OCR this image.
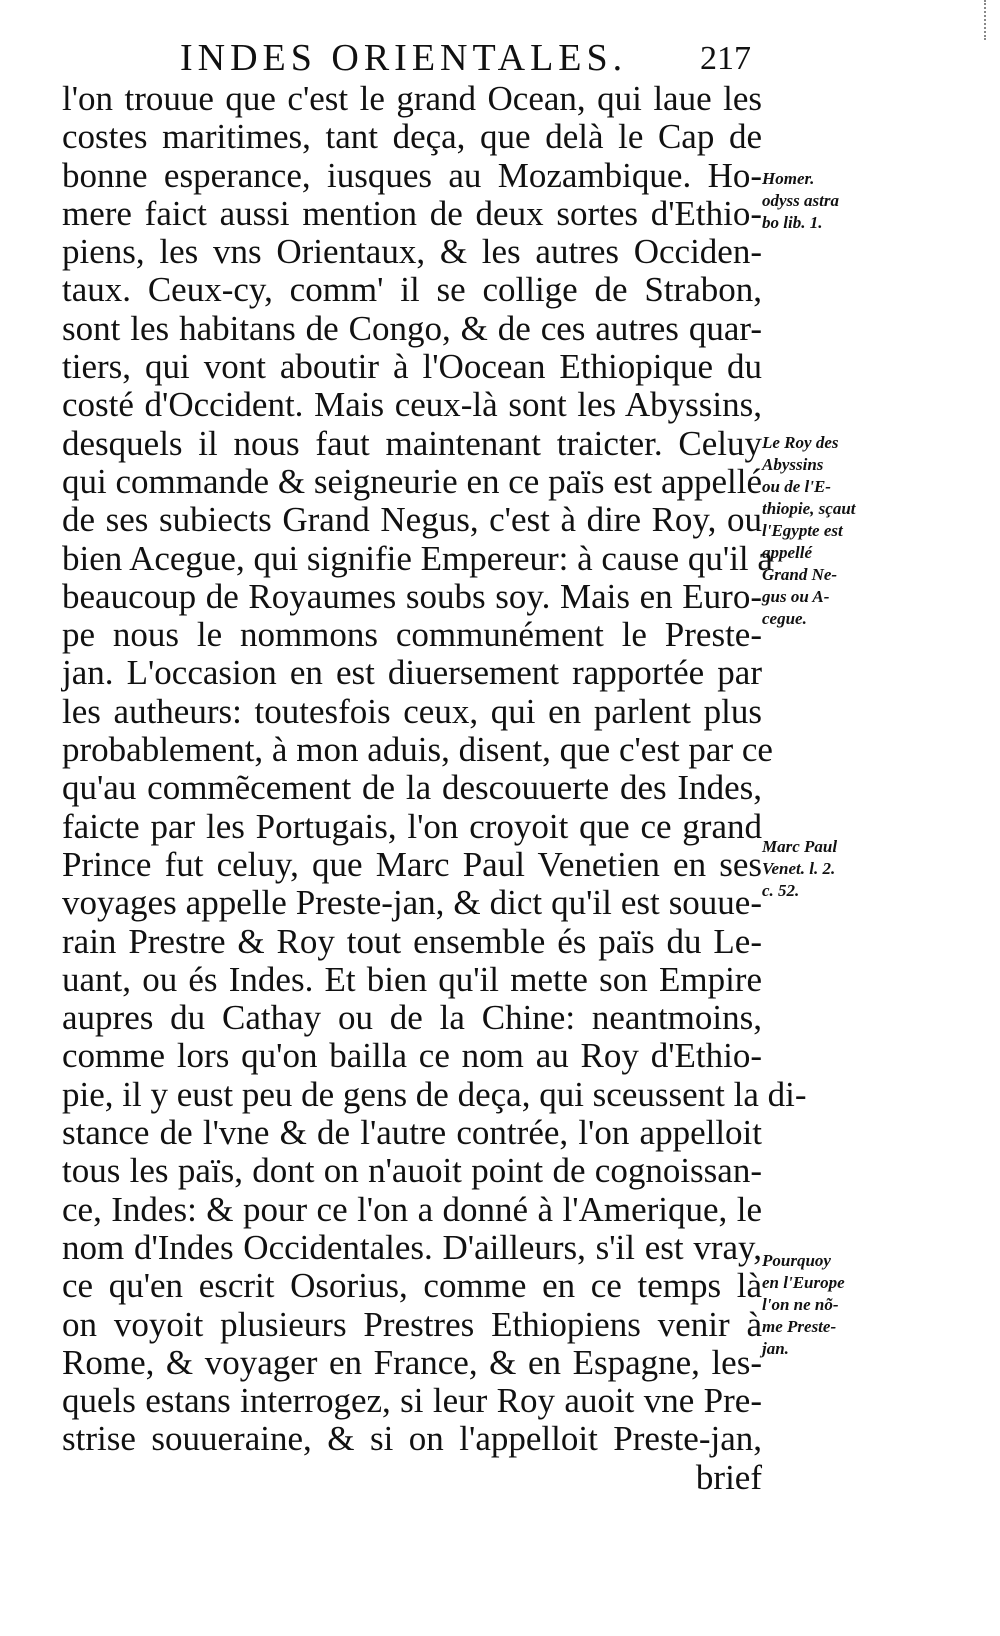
INDES ORIENTALES. 217
l'on trouue que c'est le grand Ocean, qui laue les
costes maritimes, tant deça, que delà le Cap de
bonne esperance, iusques au Mozambique. Ho-
mere faict aussi mention de deux sortes d'Ethio-
piens, les vns Orientaux, & les autres Occiden-
taux. Ceux-cy, comm' il se collige de Strabon,
sont les habitans de Congo, & de ces autres quar-
tiers, qui vont aboutir à l'Oocean Ethiopique du
costé d'Occident. Mais ceux-là sont les Abyssins,
desquels il nous faut maintenant traicter. Celuy
qui commande & seigneurie en ce païs est appellé
de ses subiects Grand Negus, c'est à dire Roy, ou
bien Acegue, qui signifie Empereur: à cause qu'il a
beaucoup de Royaumes soubs soy. Mais en Euro-
pe nous le nommons communément le Preste-
jan. L'occasion en est diuersement rapportée par
les autheurs: toutesfois ceux, qui en parlent plus
probablement, à mon aduis, disent, que c'est par ce
qu'au commẽcement de la descouuerte des Indes,
faicte par les Portugais, l'on croyoit que ce grand
Prince fut celuy, que Marc Paul Venetien en ses
voyages appelle Preste-jan, & dict qu'il est souue-
rain Prestre & Roy tout ensemble és païs du Le-
uant, ou és Indes. Et bien qu'il mette son Empire
aupres du Cathay ou de la Chine: neantmoins,
comme lors qu'on bailla ce nom au Roy d'Ethio-
pie, il y eust peu de gens de deça, qui sceussent la di-
stance de l'vne & de l'autre contrée, l'on appelloit
tous les païs, dont on n'auoit point de cognoissan-
ce, Indes: & pour ce l'on a donné à l'Amerique, le
nom d'Indes Occidentales. D'ailleurs, s'il est vray,
ce qu'en escrit Osorius, comme en ce temps là
on voyoit plusieurs Prestres Ethiopiens venir à
Rome, & voyager en France, & en Espagne, les-
quels estans interrogez, si leur Roy auoit vne Pre-
strise souueraine, & si on l'appelloit Preste-jan,
brief
Homer.
odyss astra
bo lib. 1.
Le Roy des
Abyssins
ou de l'E-
thiopie, sçaut
l'Egypte est
appellé
Grand Ne-
gus ou A-
cegue.
Marc Paul
Venet. l. 2.
c. 52.
Pourquoy
en l'Europe
l'on ne nõ-
me Preste-
jan.
